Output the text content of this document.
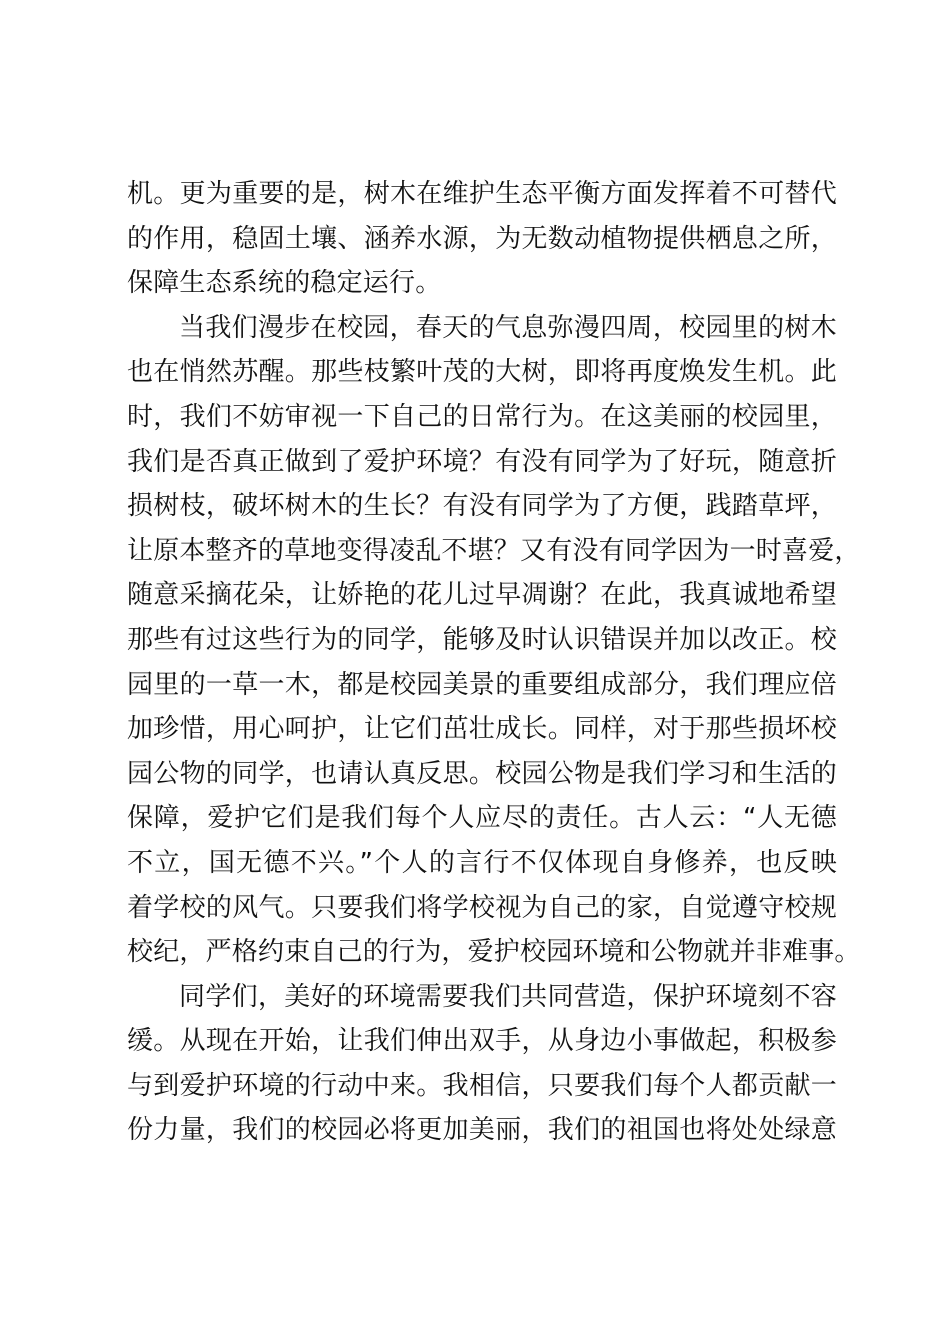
机。更为重要的是，树木在维护生态平衡方面发挥着不可替代
的作用，稳固土壤、涵养水源，为无数动植物提供栖息之所，
保障生态系统的稳定运行。
当我们漫步在校园，春天的气息弥漫四周，校园里的树木
也在悄然苏醒。那些枝繁叶茂的大树，即将再度焕发生机。此
时，我们不妨审视一下自己的日常行为。在这美丽的校园里，
我们是否真正做到了爱护环境？有没有同学为了好玩，随意折
损树枝，破坏树木的生长？有没有同学为了方便，践踏草坪，
让原本整齐的草地变得凌乱不堪？又有没有同学因为一时喜爱，
随意采摘花朵，让娇艳的花儿过早凋谢？在此，我真诚地希望
那些有过这些行为的同学，能够及时认识错误并加以改正。校
园里的一草一木，都是校园美景的重要组成部分，我们理应倍
加珍惜，用心呵护，让它们茁壮成长。同样，对于那些损坏校
园公物的同学，也请认真反思。校园公物是我们学习和生活的
保障，爱护它们是我们每个人应尽的责任。古人云：“人无德
不立，国无德不兴。”个人的言行不仅体现自身修养，也反映
着学校的风气。只要我们将学校视为自己的家，自觉遵守校规
校纪，严格约束自己的行为，爱护校园环境和公物就并非难事。
同学们，美好的环境需要我们共同营造，保护环境刻不容
缓。从现在开始，让我们伸出双手，从身边小事做起，积极参
与到爱护环境的行动中来。我相信，只要我们每个人都贡献一
份力量，我们的校园必将更加美丽，我们的祖国也将处处绿意
